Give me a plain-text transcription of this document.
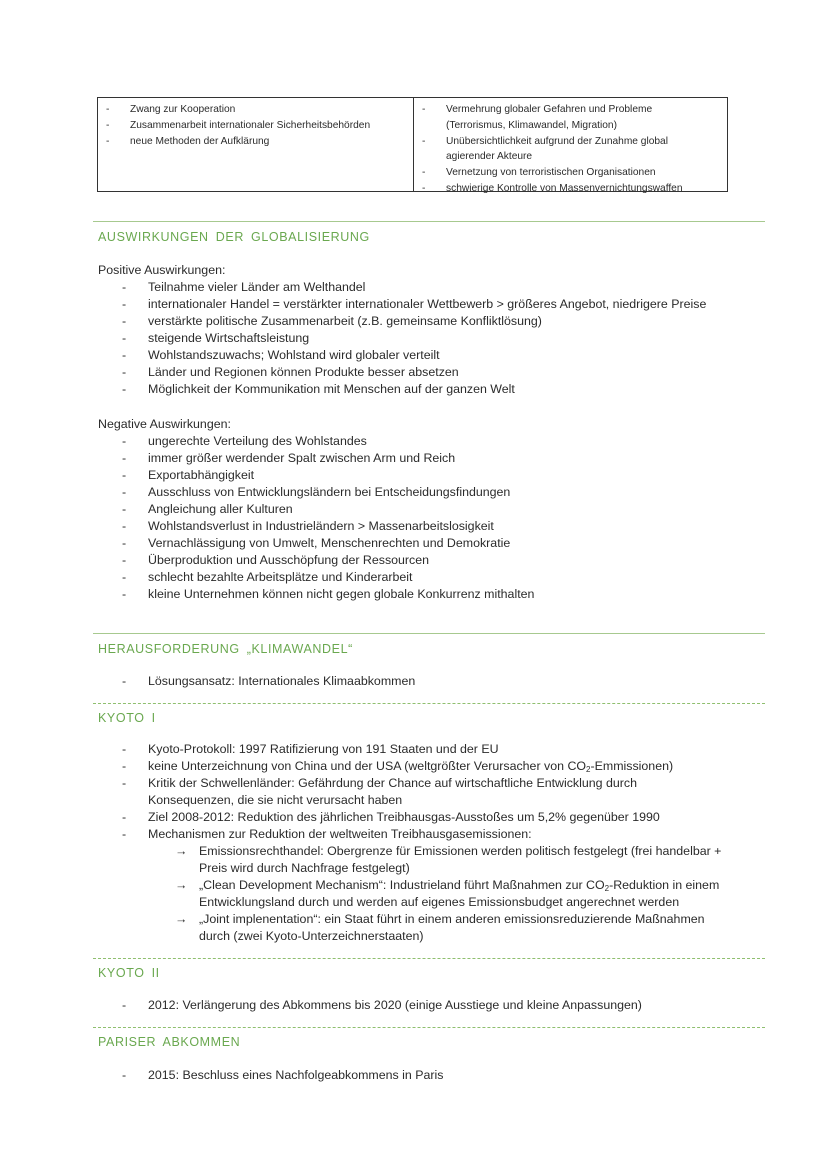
- Zwang zur Kooperation
- Zusammenarbeit internationaler Sicherheitsbehörden
- neue Methoden der Aufklärung
- Vermehrung globaler Gefahren und Probleme
(Terrorismus, Klimawandel, Migration)
- Unübersichtlichkeit aufgrund der Zunahme global
agierender Akteure
- Vernetzung von terroristischen Organisationen
- schwierige Kontrolle von Massenvernichtungswaffen
AUSWIRKUNGEN DER GLOBALISIERUNG

Positive Auswirkungen:

- Teilnahme vieler Länder am Welthandel
- internationaler Handel = verstärkter internationaler Wettbewerb > größeres Angebot, niedrigere Preise
- verstärkte politische Zusammenarbeit (z.B. gemeinsame Konfliktlösung)
- steigende Wirtschaftsleistung
- Wohlstandszuwachs; Wohlstand wird globaler verteilt
- Länder und Regionen können Produkte besser absetzen
- Möglichkeit der Kommunikation mit Menschen auf der ganzen Welt

Negative Auswirkungen:

- ungerechte Verteilung des Wohlstandes
- immer größer werdender Spalt zwischen Arm und Reich
- Exportabhängigkeit
- Ausschluss von Entwicklungsländern bei Entscheidungsfindungen
- Angleichung aller Kulturen
- Wohlstandsverlust in Industrieländern > Massenarbeitslosigkeit
- Vernachlässigung von Umwelt, Menschenrechten und Demokratie
- Überproduktion und Ausschöpfung der Ressourcen
- schlecht bezahlte Arbeitsplätze und Kinderarbeit
- kleine Unternehmen können nicht gegen globale Konkurrenz mithalten
HERAUSFORDERUNG „KLIMAWANDEL“
- Lösungsansatz: Internationales Klimaabkommen
KYOTO I
- Kyoto-Protokoll: 1997 Ratifizierung von 191 Staaten und der EU
- keine Unterzeichnung von China und der USA (weltgrößter Verursacher von $CO_2-Emmissionen$)
- Kritik der Schwellenländer: Gefährdung der Chance auf wirtschaftliche Entwicklung durch
Konsequenzen, die sie nicht verursacht haben
- Ziel 2008-2012: Reduktion des jährlichen Treibhausgas-Ausstoßes um 5,2% gegenüber 1990
- Mechanismen zur Reduktion der weltweiten Treibhausgasemissionen:
→ Emissionsrechthandel: Obergrenze für Emissionen werden politisch festgelegt (frei handelbar +
Preis wird durch Nachfrage festgelegt)
→ „Clean Development Mechanism“: Industrieland führt Maßnahmen zur $CO_2$-Reduktion in einem
Entwicklungsland durch und werden auf eigenes Emissionsbudget angerechnet werden
→ „Joint implenentation“: ein Staat führt in einem anderen emissionsreduzierende Maßnahmen
durch (zwei Kyoto-Unterzeichnerstaaten)
KYOTO II
- 2012: Verlängerung des Abkommens bis 2020 (einige Ausstiege und kleine Anpassungen)
PARISER ABKOMMEN
- 2015: Beschluss eines Nachfolgeabkommens in Paris
